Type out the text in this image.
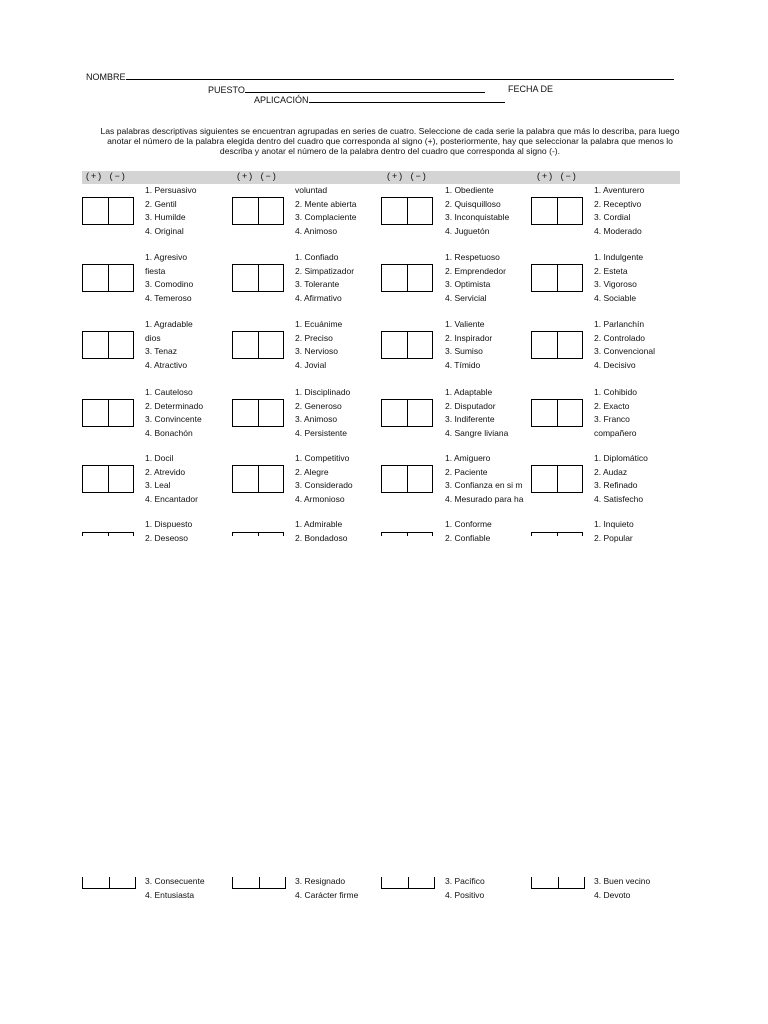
NOMBRE
PUESTO	FECHA DE
APLICACIÓN
Las palabras descriptivas siguientes se encuentran agrupadas en series de cuatro. Seleccione de cada serie la palabra que más lo describa, para luego anotar el número de la palabra elegida dentro del cuadro que corresponda al signo (+), posteriormente, hay que seleccionar la palabra que menos lo describa y anotar el número de la palabra dentro del cuadro que corresponda al signo (-).
(+) (−)	(+) (−)	(+) (−)	(+) (−)
1. Persuasivo
2. Gentil
3. Humilde
4. Original
voluntad
2. Mente abierta
3. Complaciente
4. Animoso
1. Obediente
2. Quisquilloso
3. Inconquistable
4. Juguetón
1. Aventurero
2. Receptivo
3. Cordial
4. Moderado
1. Agresivo
fiesta
3. Comodino
4. Temeroso
1. Confiado
2. Simpatizador
3. Tolerante
4. Afirmativo
1. Respetuoso
2. Emprendedor
3. Optimista
4. Servicial
1. Indulgente
2. Esteta
3. Vigoroso
4. Sociable
1. Agradable
dios
3. Tenaz
4. Atractivo
1. Ecuánime
2. Preciso
3. Nervioso
4. Jovial
1. Valiente
2. Inspirador
3. Sumiso
4. Tímido
1. Parlanchín
2. Controlado
3. Convencional
4. Decisivo
1. Cauteloso
2. Determinado
3. Convincente
4. Bonachón
1. Disciplinado
2. Generoso
3. Animoso
4. Persistente
1. Adaptable
2. Disputador
3. Indiferente
4. Sangre liviana
1. Cohibido
2. Exacto
3. Franco
compañero
1. Docil
2. Atrevido
3. Leal
4. Encantador
1. Competitivo
2. Alegre
3. Considerado
4. Armonioso
1. Amiguero
2. Paciente
3. Confianza en si m
4. Mesurado para ha
1. Diplomático
2. Audaz
3. Refinado
4. Satisfecho
1. Dispuesto
2. Deseoso
1. Admirable
2. Bondadoso
1. Conforme
2. Confiable
1. Inquieto
2. Popular
3. Consecuente
4. Entusiasta
3. Resignado
4. Carácter firme
3. Pacífico
4. Positivo
3. Buen vecino
4. Devoto
